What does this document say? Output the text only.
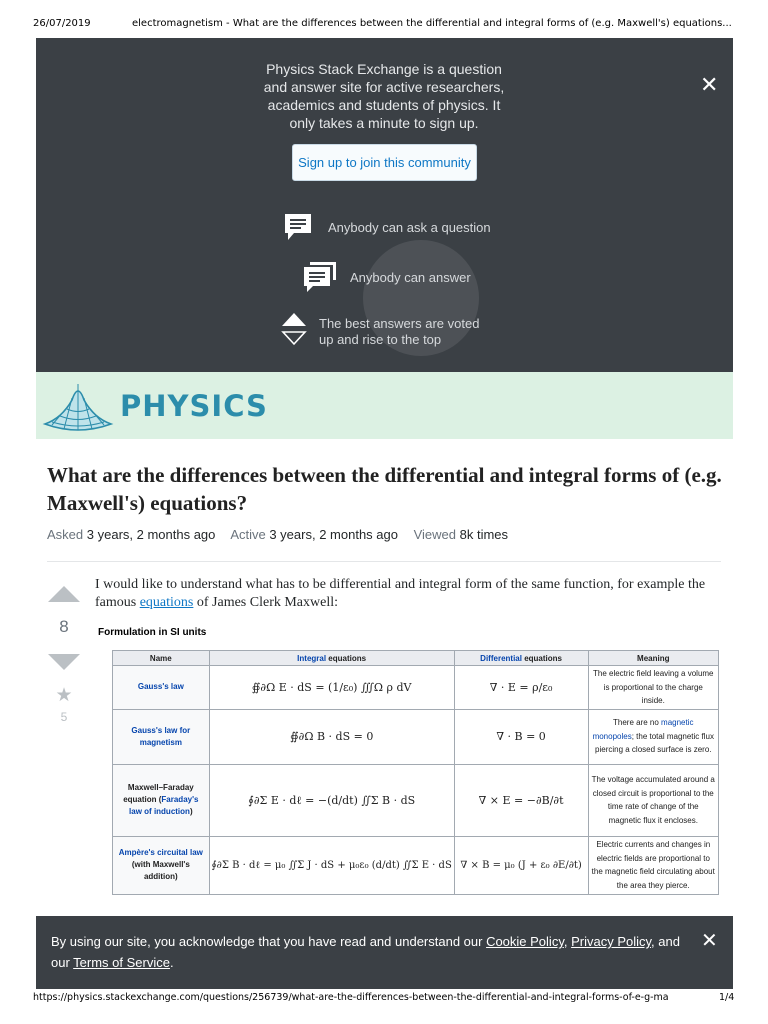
26/07/2019	electromagnetism - What are the differences between the differential and integral forms of (e.g. Maxwell's) equations...
Physics Stack Exchange is a question and answer site for active researchers, academics and students of physics. It only takes a minute to sign up.
✕
Sign up to join this community
Anybody can ask a question
Anybody can answer
The best answers are voted up and rise to the top
PHYSICS
What are the differences between the differential and integral forms of (e.g. Maxwell's) equations?
Asked 3 years, 2 months ago Active 3 years, 2 months ago Viewed 8k times
8
★
5
I would like to understand what has to be differential and integral form of the same function, for example the famous equations of James Clerk Maxwell:
Formulation in SI units
Name	Integral equations	Differential equations	Meaning
Gauss's law	∯∂Ω E · dS = (1/ε₀) ∭Ω ρ dV	∇ · E = ρ/ε₀	The electric field leaving a volume is proportional to the charge inside.
Gauss's law for magnetism	∯∂Ω B · dS = 0	∇ · B = 0	There are no magnetic monopoles; the total magnetic flux piercing a closed surface is zero.
Maxwell–Faraday equation (Faraday's law of induction)	∮∂Σ E · dℓ = −(d/dt) ∬Σ B · dS	∇ × E = −∂B/∂t	The voltage accumulated around a closed circuit is proportional to the time rate of change of the magnetic flux it encloses.
Ampère's circuital law (with Maxwell's addition)	∮∂Σ B · dℓ = μ₀ ∬Σ J · dS + μ₀ε₀ (d/dt) ∬Σ E · dS	∇ × B = μ₀ (J + ε₀ ∂E/∂t)	Electric currents and changes in electric fields are proportional to the magnetic field circulating about the area they pierce.
By using our site, you acknowledge that you have read and understand our Cookie Policy, Privacy Policy, and our Terms of Service.
✕
https://physics.stackexchange.com/questions/256739/what-are-the-differences-between-the-differential-and-integral-forms-of-e-g-ma	1/4
